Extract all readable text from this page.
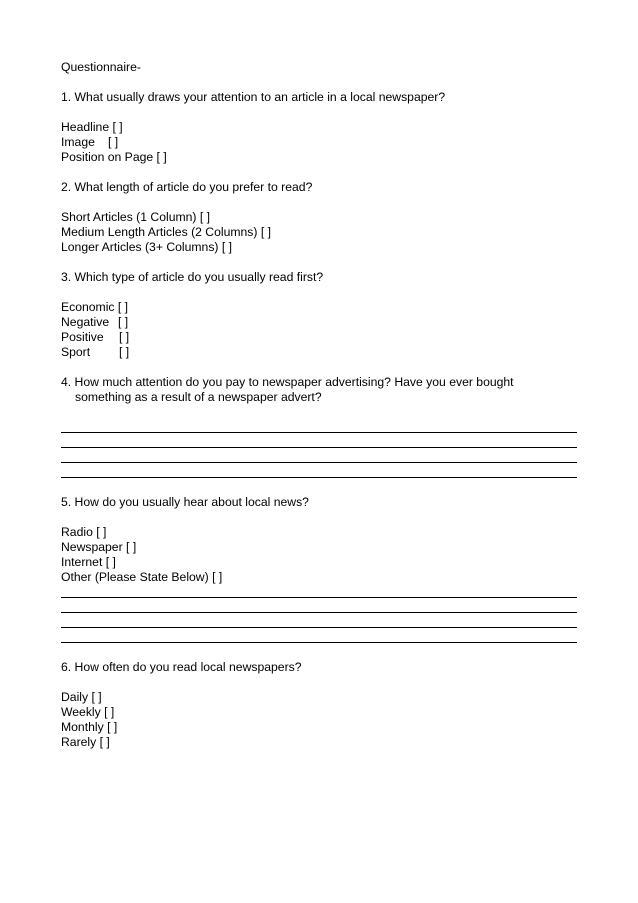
Questionnaire-
1. What usually draws your attention to an article in a local newspaper?
Headline [ ]
Image [ ]
Position on Page [ ]
2. What length of article do you prefer to read?
Short Articles (1 Column) [ ]
Medium Length Articles (2 Columns) [ ]
Longer Articles (3+ Columns) [ ]
3. Which type of article do you usually read first?
Economic [ ]
Negative [ ]
Positive [ ]
Sport [ ]
4. How much attention do you pay to newspaper advertising? Have you ever bought
something as a result of a newspaper advert?
5. How do you usually hear about local news?
Radio [ ]
Newspaper [ ]
Internet [ ]
Other (Please State Below) [ ]
6. How often do you read local newspapers?
Daily [ ]
Weekly [ ]
Monthly [ ]
Rarely [ ]
